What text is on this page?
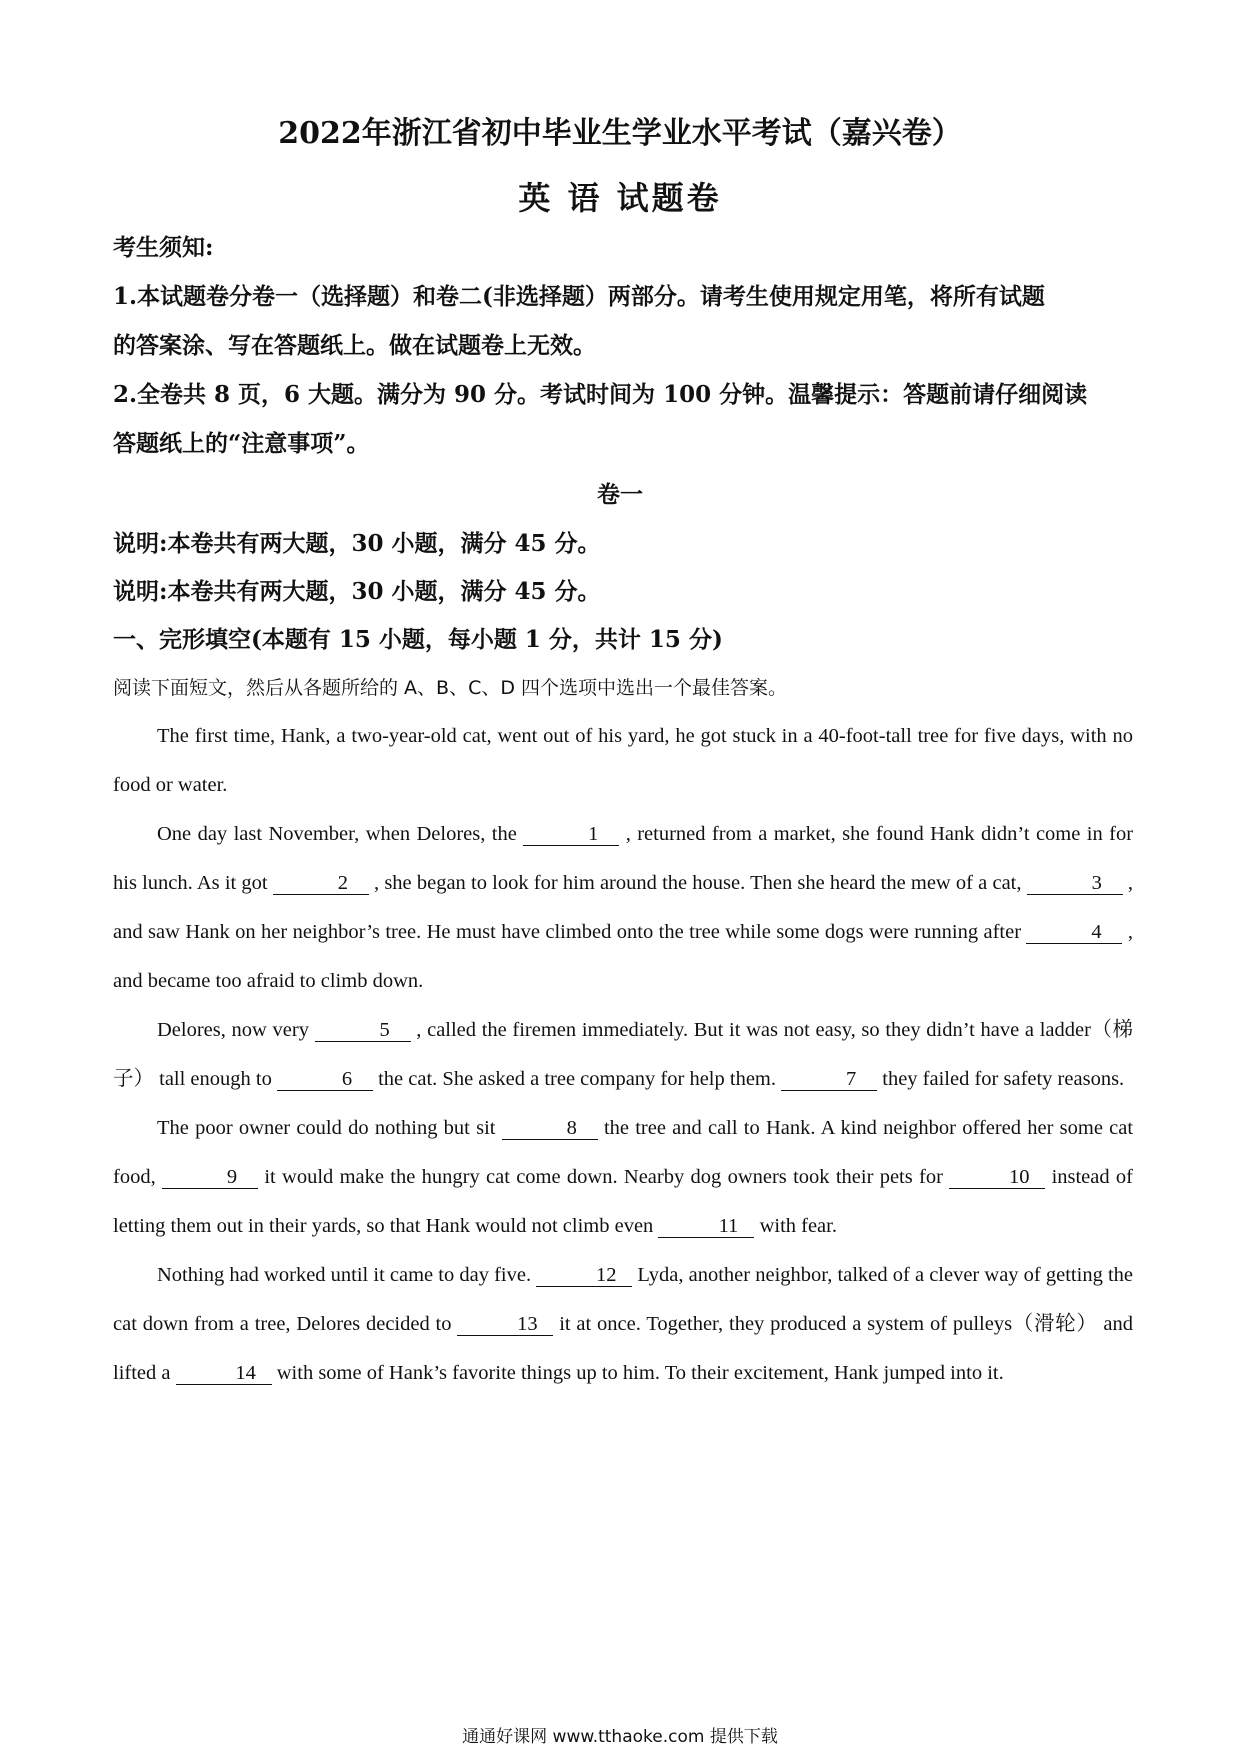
2022年浙江省初中毕业生学业水平考试（嘉兴卷）
英 语 试题卷
考生须知:
1.本试题卷分卷一（选择题）和卷二(非选择题）两部分。请考生使用规定用笔，将所有试题
的答案涂、写在答题纸上。做在试题卷上无效。
2.全卷共 8 页，6 大题。满分为 90 分。考试时间为 100 分钟。温馨提示：答题前请仔细阅读
答题纸上的“注意事项”。
卷一
说明:本卷共有两大题，30 小题，满分 45 分。
说明:本卷共有两大题，30 小题，满分 45 分。
一、完形填空(本题有 15 小题，每小题 1 分，共计 15 分)
阅读下面短文，然后从各题所给的 A、B、C、D 四个选项中选出一个最佳答案。

The first time, Hank, a two-year-old cat, went out of his yard, he got stuck in a 40-foot-tall tree for five days, with no food or water.

One day last November, when Delores, the	1 , returned from a market, she found Hank didn’t come in for his lunch. As it got	2 , she began to look for him around the house. Then she heard the mew of a cat,	3 , and saw Hank on her neighbor’s tree. He must have climbed onto the tree while some dogs were running after	4 , and became too afraid to climb down.

Delores, now very	5 , called the firemen immediately. But it was not easy, so they didn’t have a ladder（梯子） tall enough to	6 the cat. She asked a tree company for help them.	7 they failed for safety reasons.

The poor owner could do nothing but sit	8 the tree and call to Hank. A kind neighbor offered her some cat food,	9 it would make the hungry cat come down. Nearby dog owners took their pets for	10 instead of letting them out in their yards, so that Hank would not climb even	11 with fear.

Nothing had worked until it came to day five.	12 Lyda, another neighbor, talked of a clever way of getting the cat down from a tree, Delores decided to	13 it at once. Together, they produced a system of pulleys（滑轮） and lifted a	14 with some of Hank’s favorite things up to him. To their excitement, Hank jumped into it.

通通好课网 www.tthaoke.com 提供下载
